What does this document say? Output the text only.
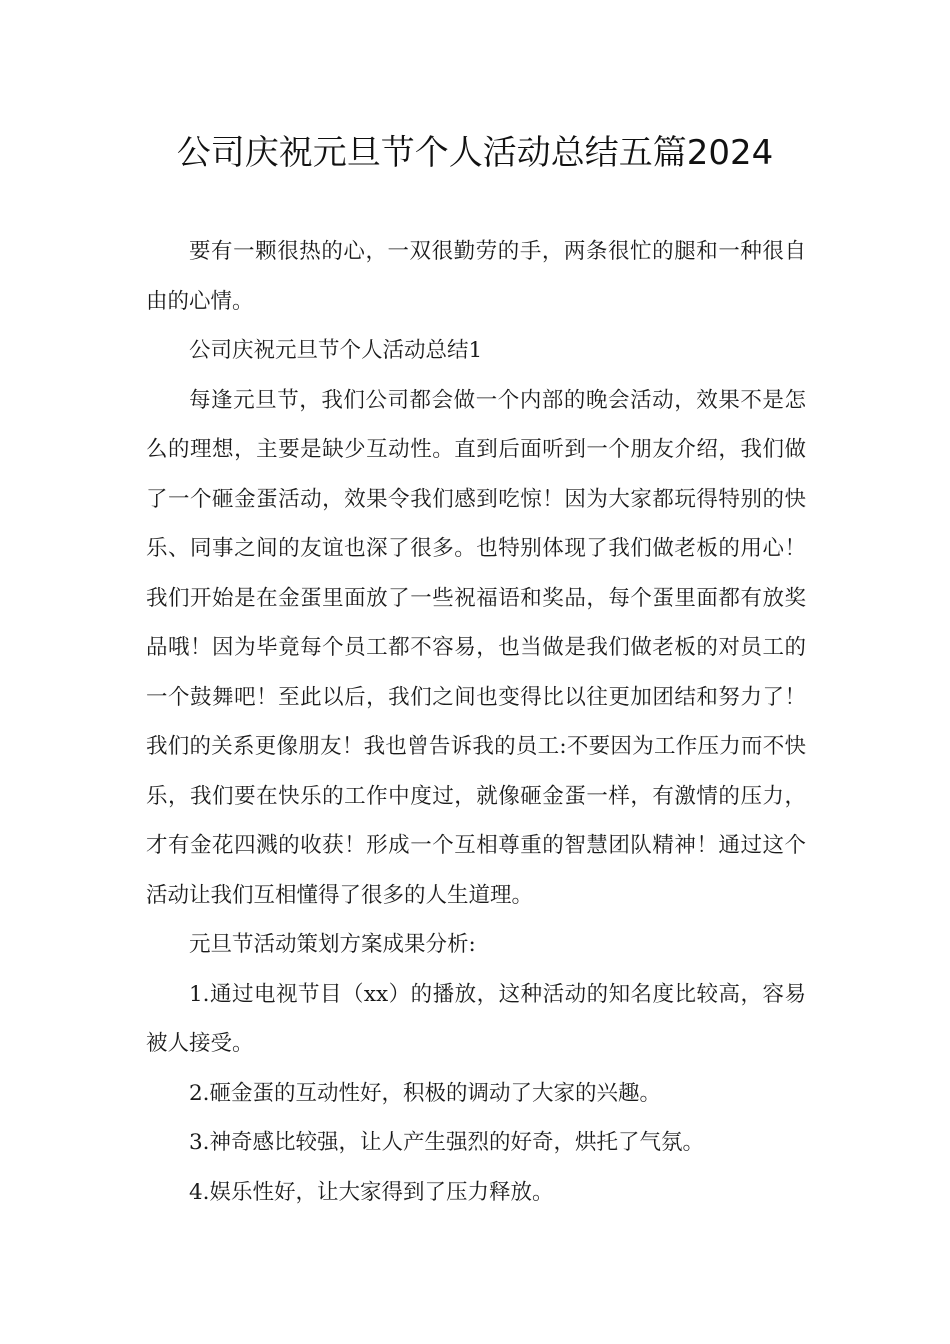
公司庆祝元旦节个人活动总结五篇2024

要有一颗很热的心，一双很勤劳的手，两条很忙的腿和一种很自由的心情。

公司庆祝元旦节个人活动总结1

每逢元旦节，我们公司都会做一个内部的晚会活动，效果不是怎么的理想，主要是缺少互动性。直到后面听到一个朋友介绍，我们做了一个砸金蛋活动，效果令我们感到吃惊！因为大家都玩得特别的快乐、同事之间的友谊也深了很多。也特别体现了我们做老板的用心！我们开始是在金蛋里面放了一些祝福语和奖品，每个蛋里面都有放奖品哦！因为毕竟每个员工都不容易，也当做是我们做老板的对员工的一个鼓舞吧！至此以后，我们之间也变得比以往更加团结和努力了！我们的关系更像朋友！我也曾告诉我的员工:不要因为工作压力而不快乐，我们要在快乐的工作中度过，就像砸金蛋一样，有激情的压力，才有金花四溅的收获！形成一个互相尊重的智慧团队精神！通过这个活动让我们互相懂得了很多的人生道理。

元旦节活动策划方案成果分析:

1.通过电视节目（xx）的播放，这种活动的知名度比较高，容易被人接受。

2.砸金蛋的互动性好，积极的调动了大家的兴趣。

3.神奇感比较强，让人产生强烈的好奇，烘托了气氛。

4.娱乐性好，让大家得到了压力释放。
